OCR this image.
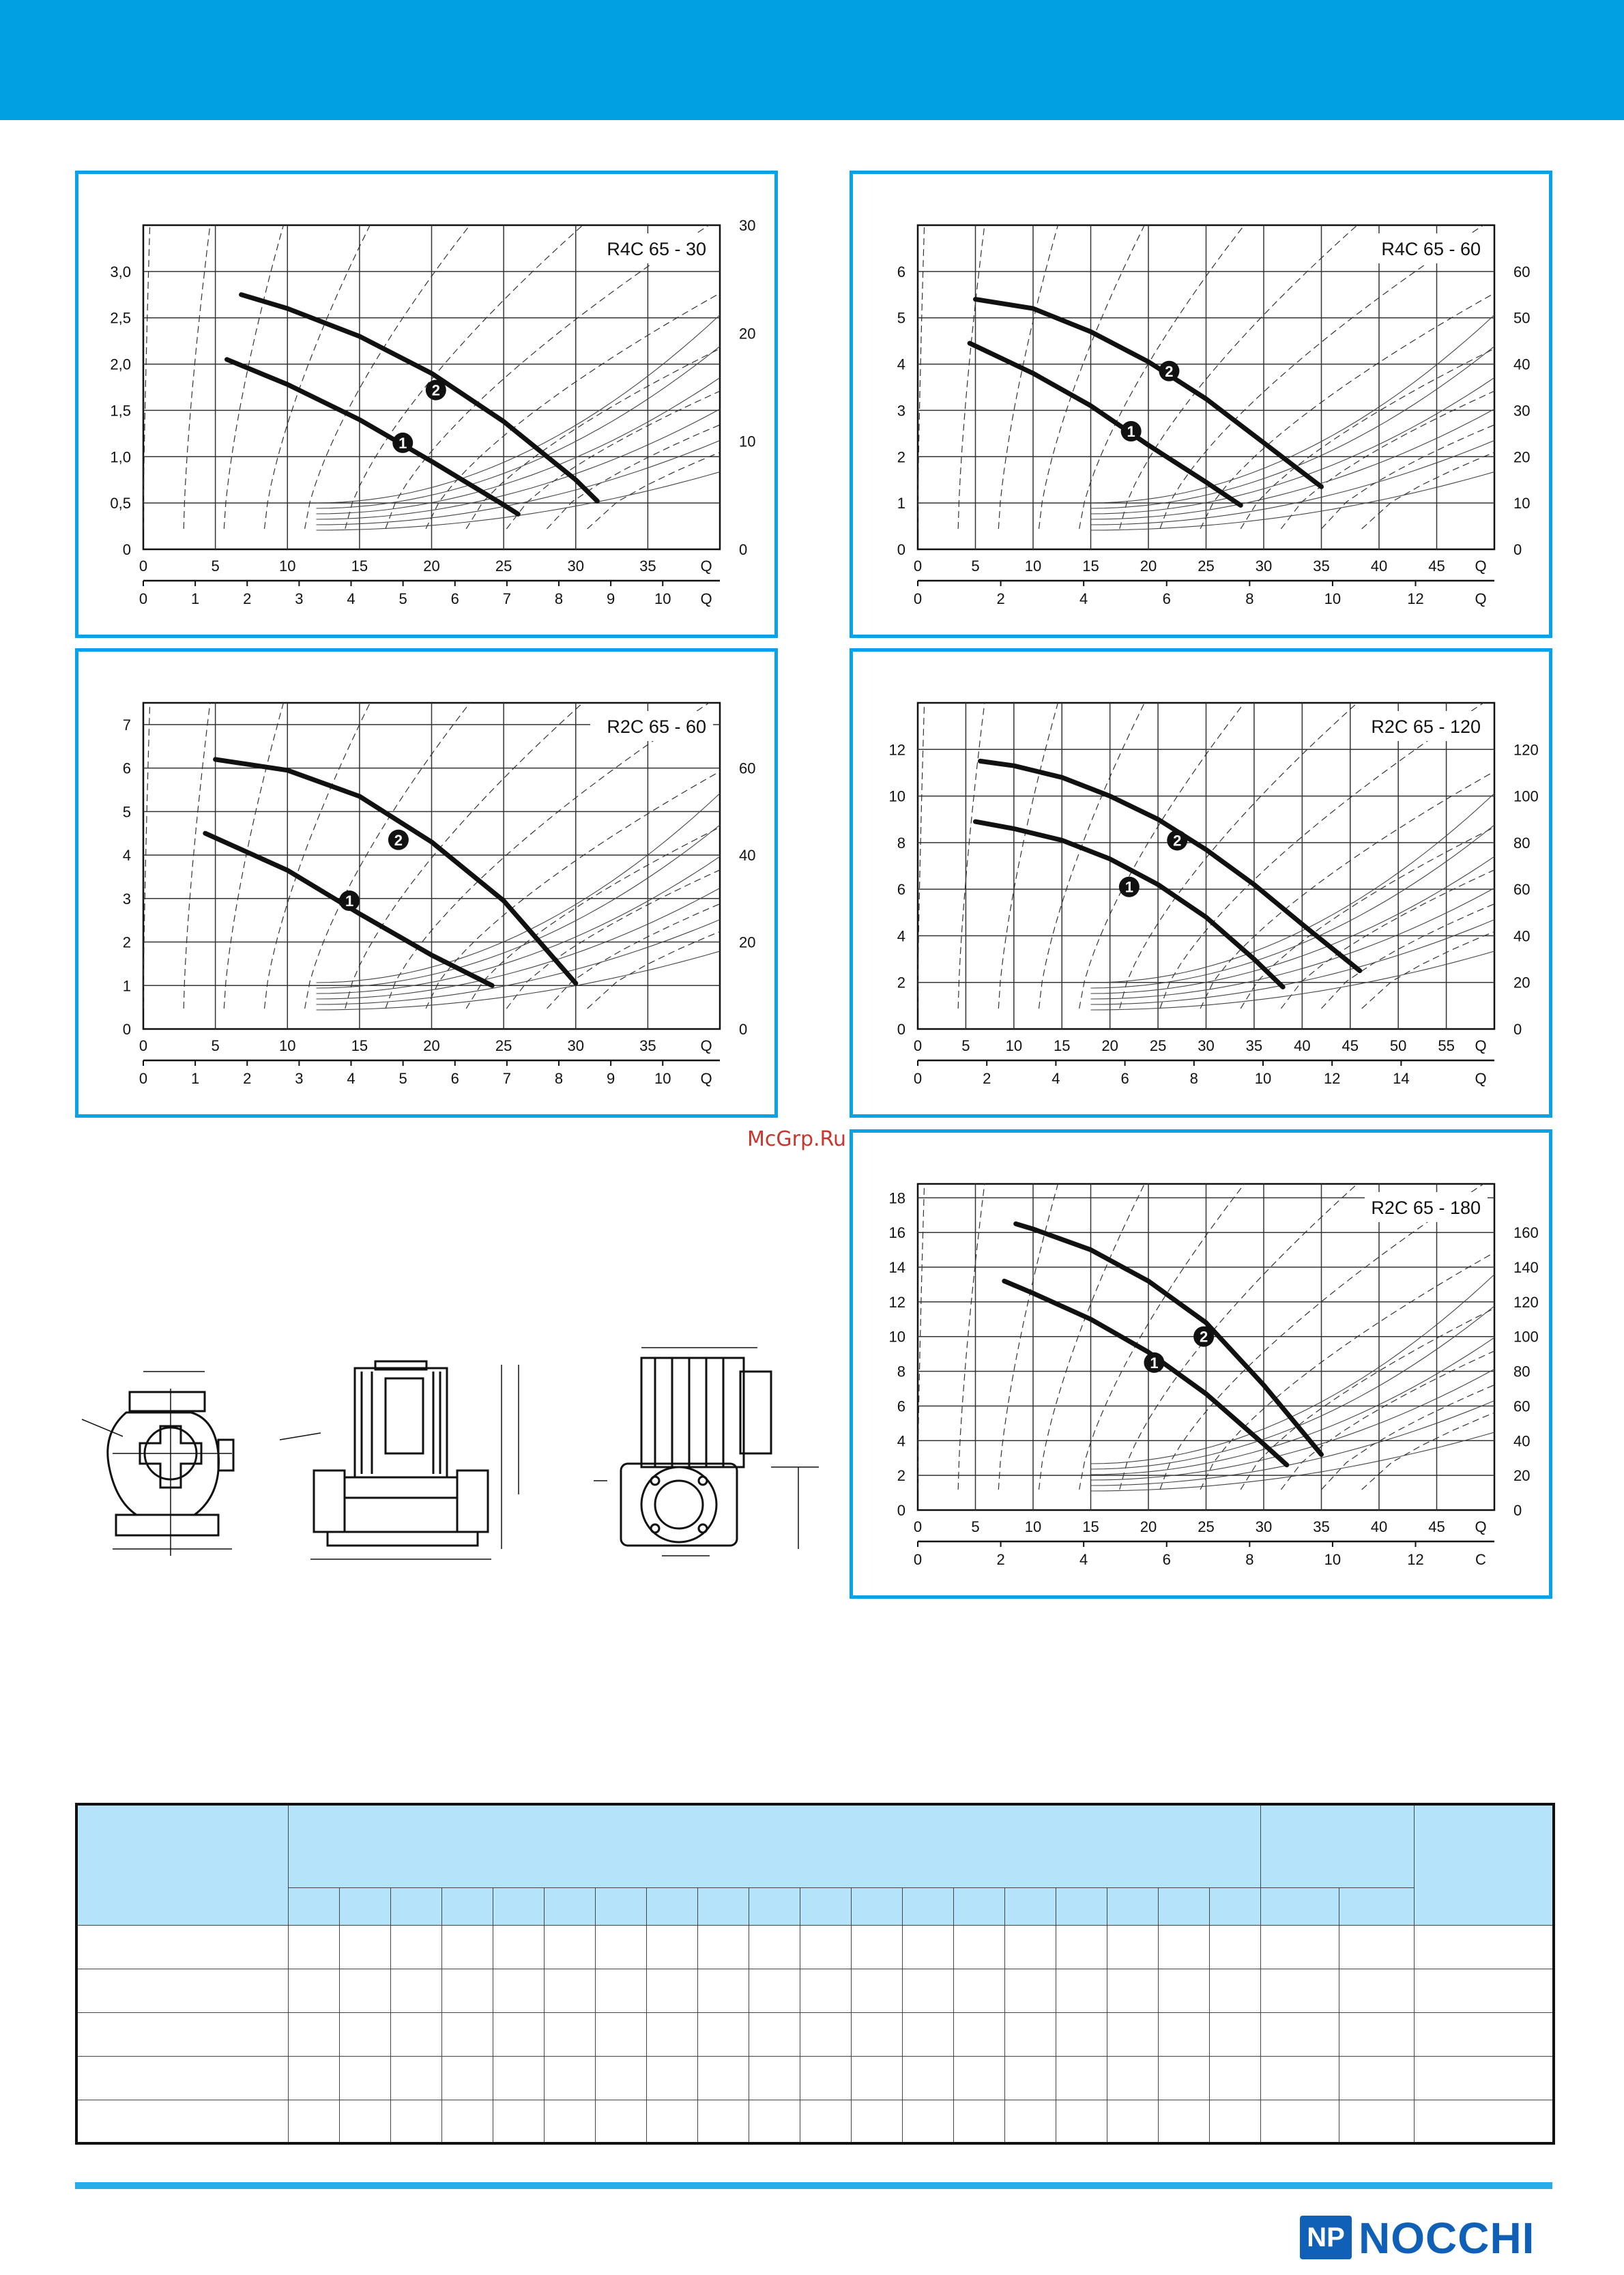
R4C 65 - 30
0
0,5
1,0
1,5
2,0
2,5
3,0
0
10
20
30
0	5	10	15	20	25	30	35	Q
0	1	2	3	4	5	6	7	8	9	10 Q
1
2
R4C 65 - 60
0
1
2
3
4
5
6
0
10
20
30
40
50
60
0	5	10	15	20	25	30	35	40	45 Q
0	2	4	6	8	10	12	Q
1
2
R2C 65 - 60
0
1
2
3
4
5
6
7
0
20
40
60
0	5	10	15	20	25	30	35	Q
0	1	2	3	4	5	6	7	8	9	10 Q
1
2
R2C 65 - 120
0
2
4
6
8
10
12
0
20
40
60
80
100
120
0	5 10 15 20 25 30 35 40 45 50 55 Q
0	2	4	6	8	10	12	14	Q
1
2
R2C 65 - 180
0
2
4
6
8
10
12
14
16
18
0
20
40
60
80
100
120
140
160
0	5	10	15	20	25	30	35	40	45 Q
0	2	4	6	8	10	12	C
1
2
McGrp.Ru

NP NOCCHI
